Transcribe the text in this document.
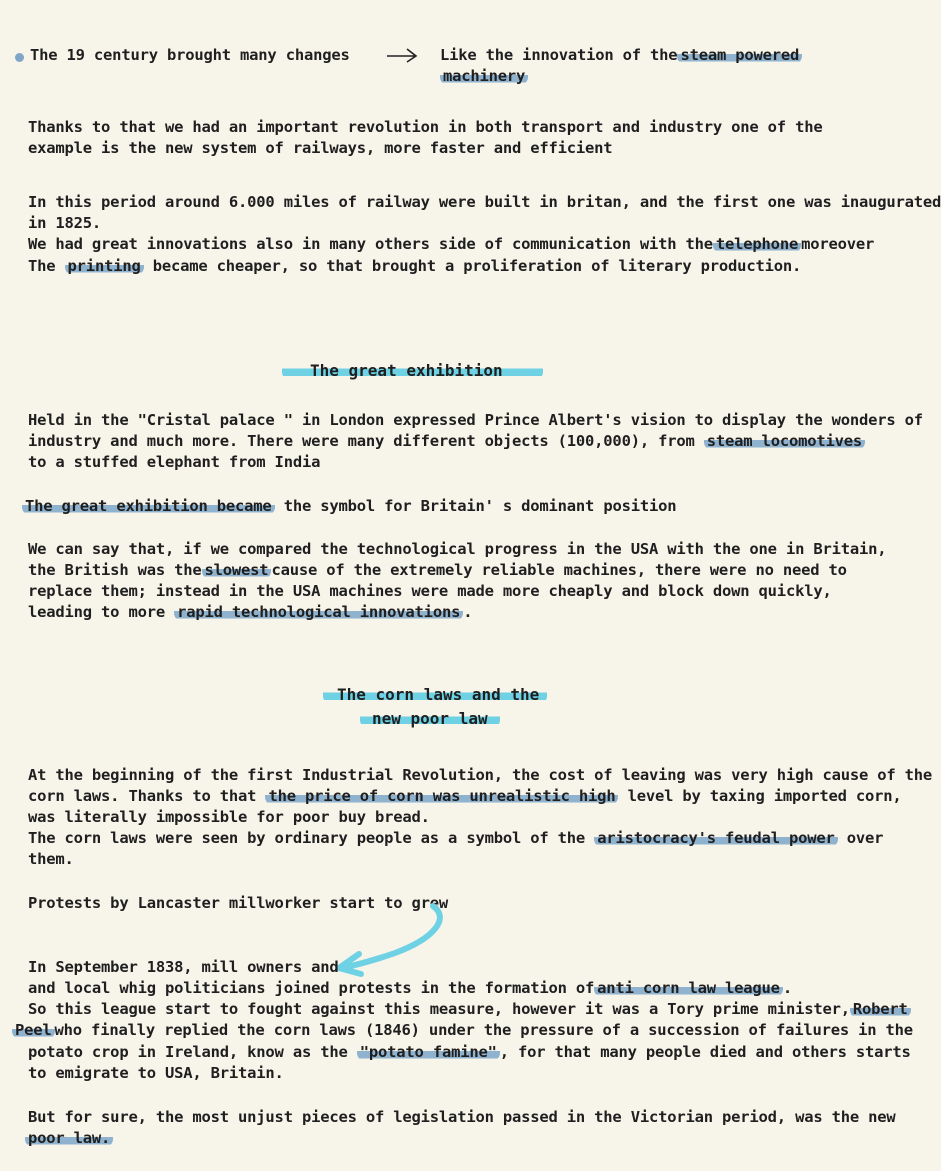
The 19 century brought many changes	Like the innovation of the steam powered
machinery
Thanks to that we had an important revolution in both transport and industry one of the
example is the new system of railways, more faster and efficient
In this period around 6.000 miles of railway were built in britan, and the first one was inaugurated
in 1825.
We had great innovations also in many others side of communication with the telephone moreover
The printing became cheaper, so that brought a proliferation of literary production.
The great exhibition
Held in the "Cristal palace " in London expressed Prince Albert's vision to display the wonders of
industry and much more. There were many different objects (100,000), from steam locomotives
to a stuffed elephant from India
The great exhibition became the symbol for Britain' s dominant position
We can say that, if we compared the technological progress in the USA with the one in Britain,
the British was the slowest cause of the extremely reliable machines, there were no need to
replace them; instead in the USA machines were made more cheaply and block down quickly,
leading to more rapid technological innovations .
The corn laws and the
new poor law
At the beginning of the first Industrial Revolution, the cost of leaving was very high cause of the
corn laws. Thanks to that the price of corn was unrealistic high level by taxing imported corn,
was literally impossible for poor buy bread.
The corn laws were seen by ordinary people as a symbol of the aristocracy's feudal power over
them.
Protests by Lancaster millworker start to grew
In September 1838, mill owners and
and local whig politicians joined protests in the formation of anti corn law league .
So this league start to fought against this measure, however it was a Tory prime minister, Robert
Peel who finally replied the corn laws (1846) under the pressure of a succession of failures in the
potato crop in Ireland, know as the "potato famine" , for that many people died and others starts
to emigrate to USA, Britain.
But for sure, the most unjust pieces of legislation passed in the Victorian period, was the new
poor law.
